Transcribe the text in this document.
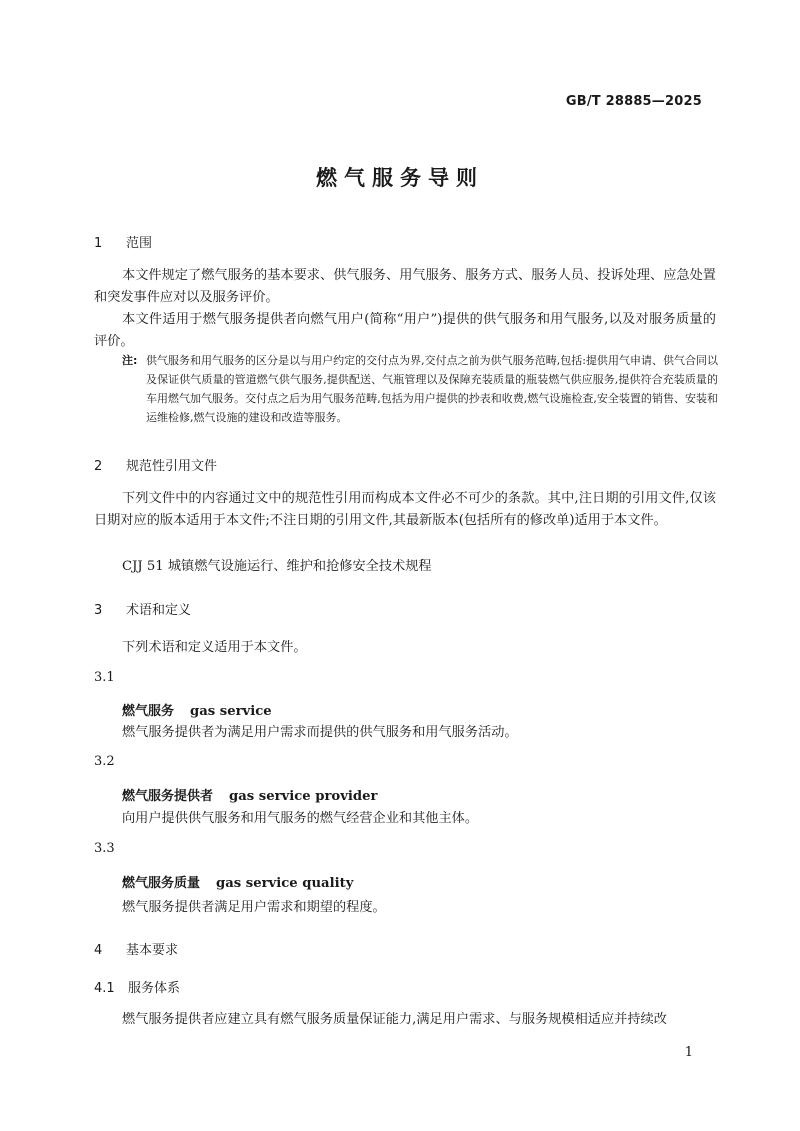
GB/T 28885—2025
燃气服务导则
1 范围
本文件规定了燃气服务的基本要求、供气服务、用气服务、服务方式、服务人员、投诉处理、应急处置和突发事件应对以及服务评价。
本文件适用于燃气服务提供者向燃气用户(简称“用户”)提供的供气服务和用气服务,以及对服务质量的评价。
注: 供气服务和用气服务的区分是以与用户约定的交付点为界,交付点之前为供气服务范畴,包括:提供用气申请、供气合同以及保证供气质量的管道燃气供气服务,提供配送、气瓶管理以及保障充装质量的瓶装燃气供应服务,提供符合充装质量的车用燃气加气服务。交付点之后为用气服务范畴,包括为用户提供的抄表和收费,燃气设施检查,安全装置的销售、安装和运维检修,燃气设施的建设和改造等服务。
2 规范性引用文件
下列文件中的内容通过文中的规范性引用而构成本文件必不可少的条款。其中,注日期的引用文件,仅该日期对应的版本适用于本文件;不注日期的引用文件,其最新版本(包括所有的修改单)适用于本文件。
CJJ 51 城镇燃气设施运行、维护和抢修安全技术规程
3 术语和定义
下列术语和定义适用于本文件。
3.1
燃气服务 gas service
燃气服务提供者为满足用户需求而提供的供气服务和用气服务活动。
3.2
燃气服务提供者 gas service provider
向用户提供供气服务和用气服务的燃气经营企业和其他主体。
3.3
燃气服务质量 gas service quality
燃气服务提供者满足用户需求和期望的程度。
4 基本要求
4.1 服务体系
燃气服务提供者应建立具有燃气服务质量保证能力,满足用户需求、与服务规模相适应并持续改
1
